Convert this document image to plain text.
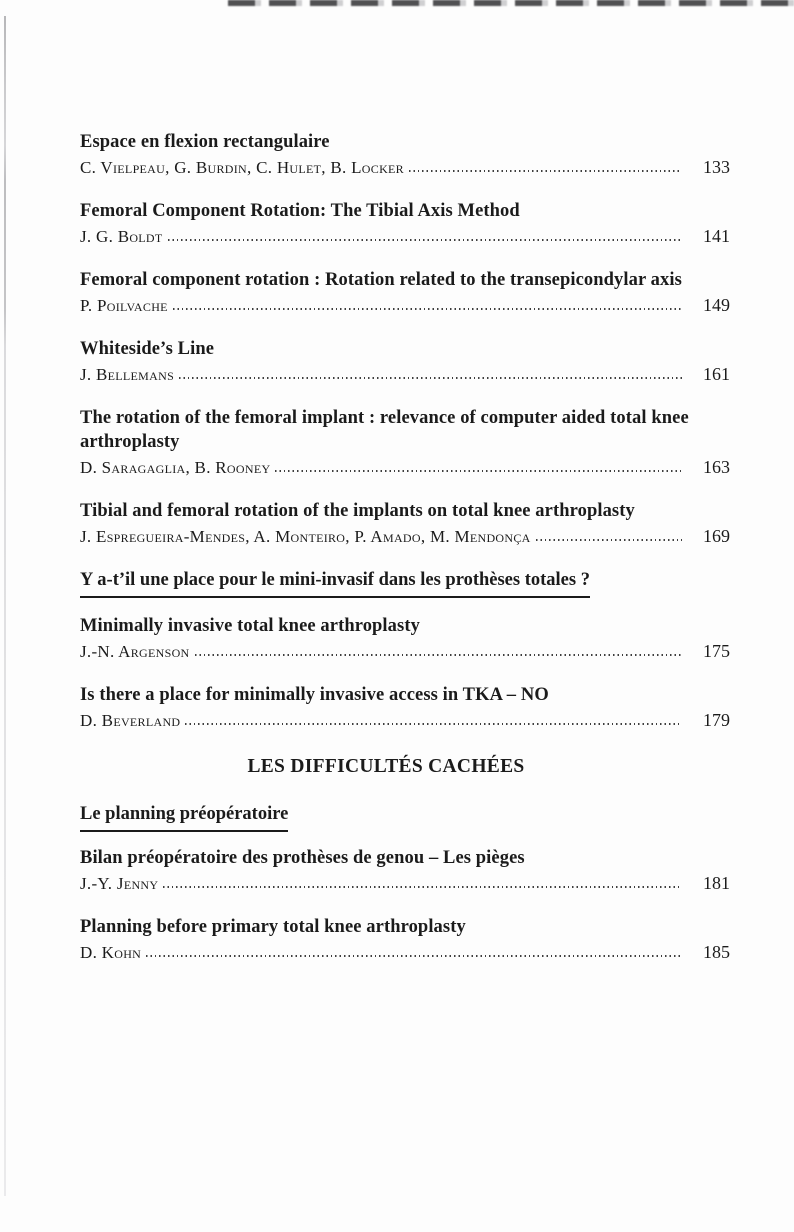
Espace en flexion rectangulaire
C. Vielpeau, G. Burdin, C. Hulet, B. Locker	133
Femoral Component Rotation: The Tibial Axis Method
J. G. Boldt	141
Femoral component rotation : Rotation related to the transepicondylar axis
P. Poilvache	149
Whiteside’s Line
J. Bellemans	161
The rotation of the femoral implant : relevance of computer aided total knee arthroplasty
D. Saragaglia, B. Rooney	163
Tibial and femoral rotation of the implants on total knee arthroplasty
J. Espregueira-Mendes, A. Monteiro, P. Amado, M. Mendonça	169
Y a-t’il une place pour le mini-invasif dans les prothèses totales ?
Minimally invasive total knee arthroplasty
J.-N. Argenson	175
Is there a place for minimally invasive access in TKA – NO
D. Beverland	179
LES DIFFICULTÉS CACHÉES
Le planning préopératoire
Bilan préopératoire des prothèses de genou – Les pièges
J.-Y. Jenny	181
Planning before primary total knee arthroplasty
D. Kohn	185
